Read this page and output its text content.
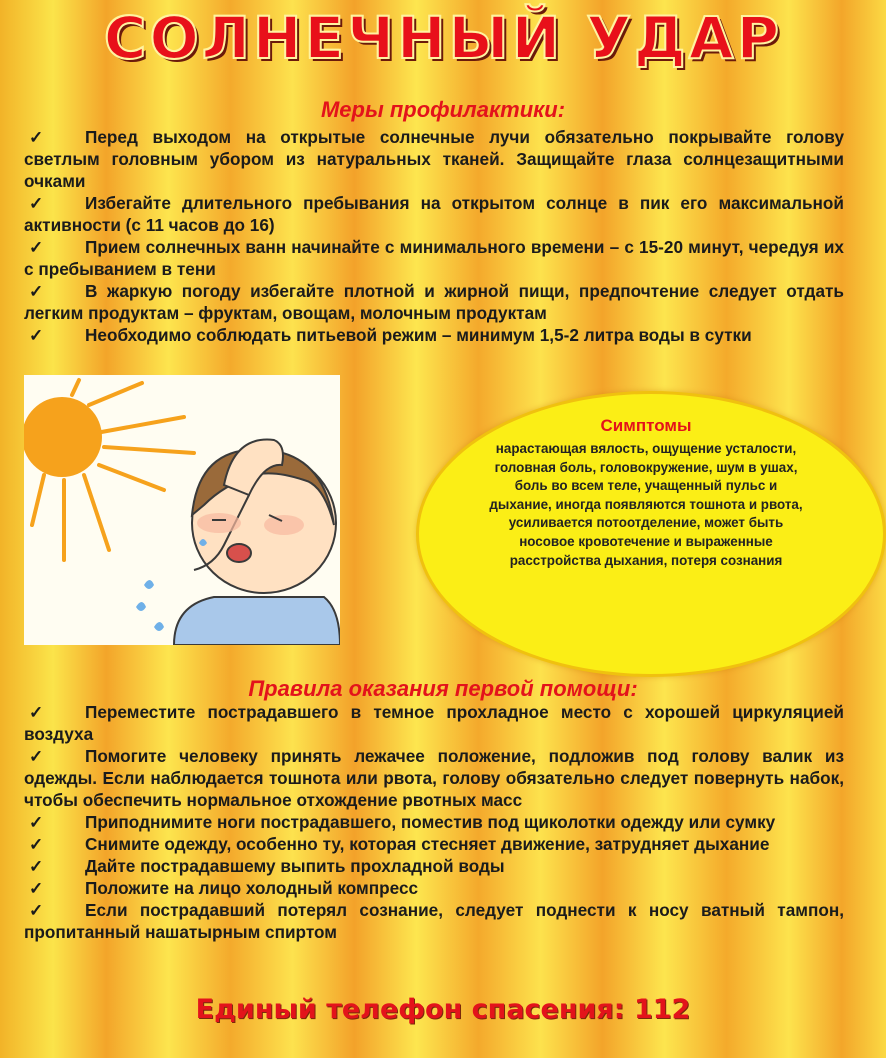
СОЛНЕЧНЫЙ УДАР
Меры профилактики:
✓ Перед выходом на открытые солнечные лучи обязательно покрывайте голову светлым головным убором из натуральных тканей. Защищайте глаза солнцезащитными очками
✓ Избегайте длительного пребывания на открытом солнце в пик его максимальной активности (с 11 часов до 16)
✓ Прием солнечных ванн начинайте с минимального времени – с 15-20 минут, чередуя их с пребыванием в тени
✓ В жаркую погоду избегайте плотной и жирной пищи, предпочтение следует отдать легким продуктам – фруктам, овощам, молочным продуктам
✓ Необходимо соблюдать питьевой режим – минимум 1,5-2 литра воды в сутки
Симптомы
нарастающая вялость, ощущение усталости, головная боль, головокружение, шум в ушах, боль во всем теле, учащенный пульс и дыхание, иногда появляются тошнота и рвота, усиливается потоотделение, может быть носовое кровотечение и выраженные расстройства дыхания, потеря сознания
Правила оказания первой помощи:
✓ Переместите пострадавшего в темное прохладное место с хорошей циркуляцией воздуха
✓ Помогите человеку принять лежачее положение, подложив под голову валик из одежды. Если наблюдается тошнота или рвота, голову обязательно следует повернуть набок, чтобы обеспечить нормальное отхождение рвотных масс
✓ Приподнимите ноги пострадавшего, поместив под щиколотки одежду или сумку
✓ Снимите одежду, особенно ту, которая стесняет движение, затрудняет дыхание
✓ Дайте пострадавшему выпить прохладной воды
✓ Положите на лицо холодный компресс
✓ Если пострадавший потерял сознание, следует поднести к носу ватный тампон, пропитанный нашатырным спиртом
Единый телефон спасения: 112
